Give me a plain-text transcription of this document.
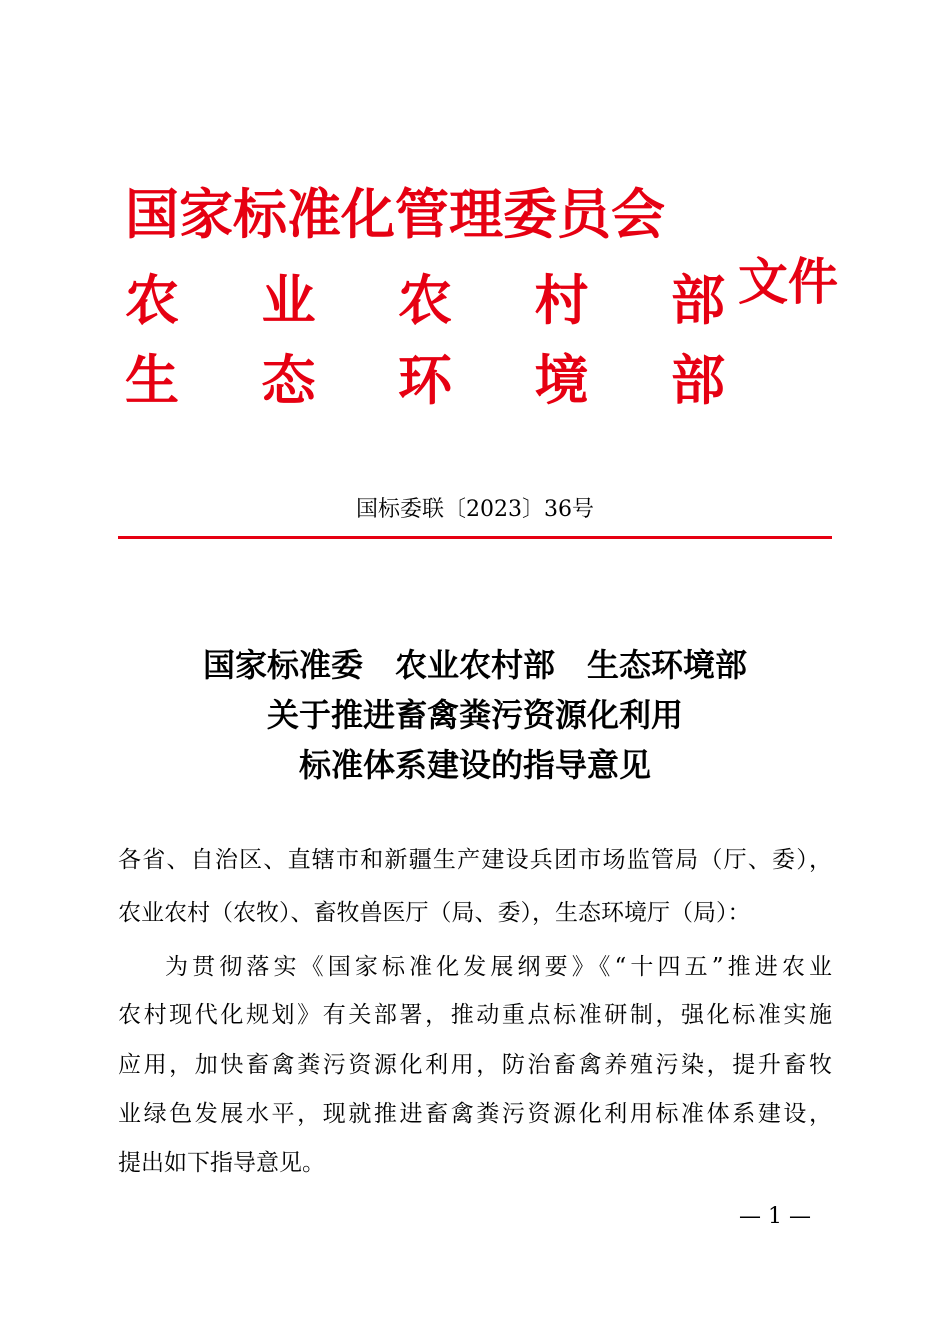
国家标准化管理委员会
农 业 农 村 部
生 态 环 境 部
文件
国标委联〔2023〕36号
国家标准委　农业农村部　生态环境部
关于推进畜禽粪污资源化利用
标准体系建设的指导意见
各省、自治区、直辖市和新疆生产建设兵团市场监管局（厅、委），
农业农村（农牧）、畜牧兽医厅（局、委），生态环境厅（局）：
为贯彻落实《国家标准化发展纲要》《“十四五”推进农业
农村现代化规划》有关部署，推动重点标准研制，强化标准实施
应用，加快畜禽粪污资源化利用，防治畜禽养殖污染，提升畜牧
业绿色发展水平，现就推进畜禽粪污资源化利用标准体系建设，
提出如下指导意见。
— 1 —
